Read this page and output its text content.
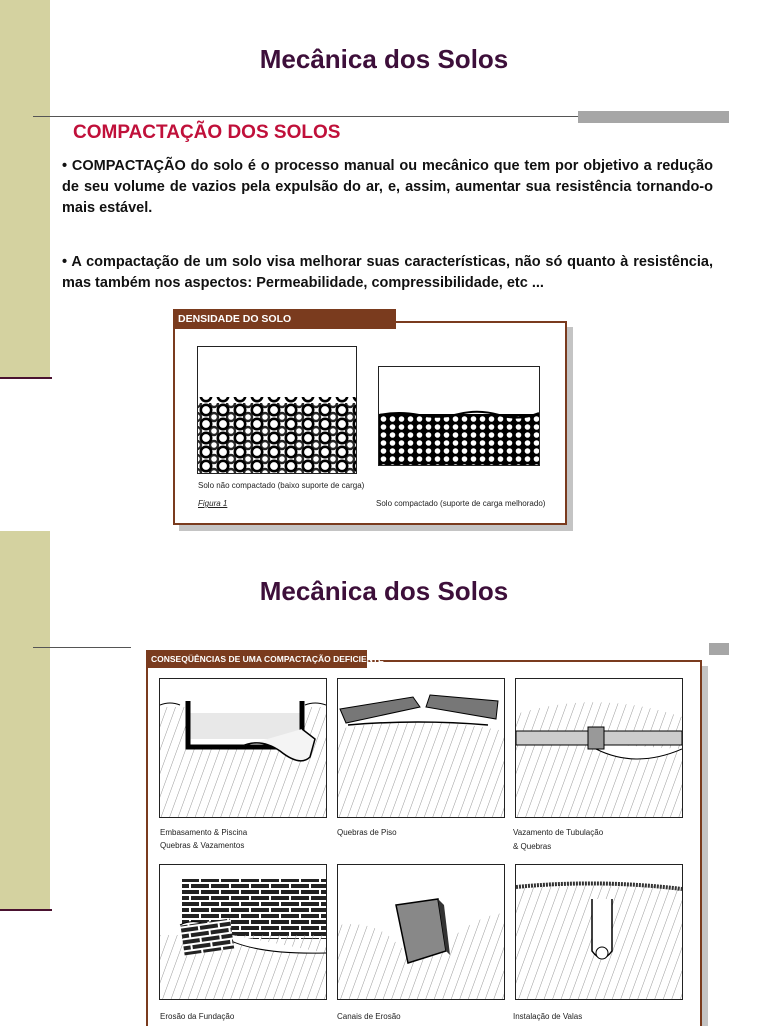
Mecânica dos Solos
COMPACTAÇÃO DOS SOLOS
• COMPACTAÇÃO do solo é o processo manual ou mecânico que tem por objetivo a redução de seu volume de vazios pela expulsão do ar, e, assim, aumentar sua resistência tornando-o mais estável.
• A compactação de um solo visa melhorar suas características, não só quanto à resistência, mas também nos aspectos: Permeabilidade, compressibilidade, etc ...
DENSIDADE DO SOLO
Solo não compactado (baixo suporte de carga)
Figura 1	Solo compactado (suporte de carga melhorado)
Mecânica dos Solos
CONSEQÜÊNCIAS DE UMA COMPACTAÇÃO DEFICIENTE
Embasamento & Piscina
Quebras & Vazamentos
Quebras de Piso	Vazamento de Tubulação
& Quebras
Erosão da Fundação	Canais de Erosão	Instalação de Valas
